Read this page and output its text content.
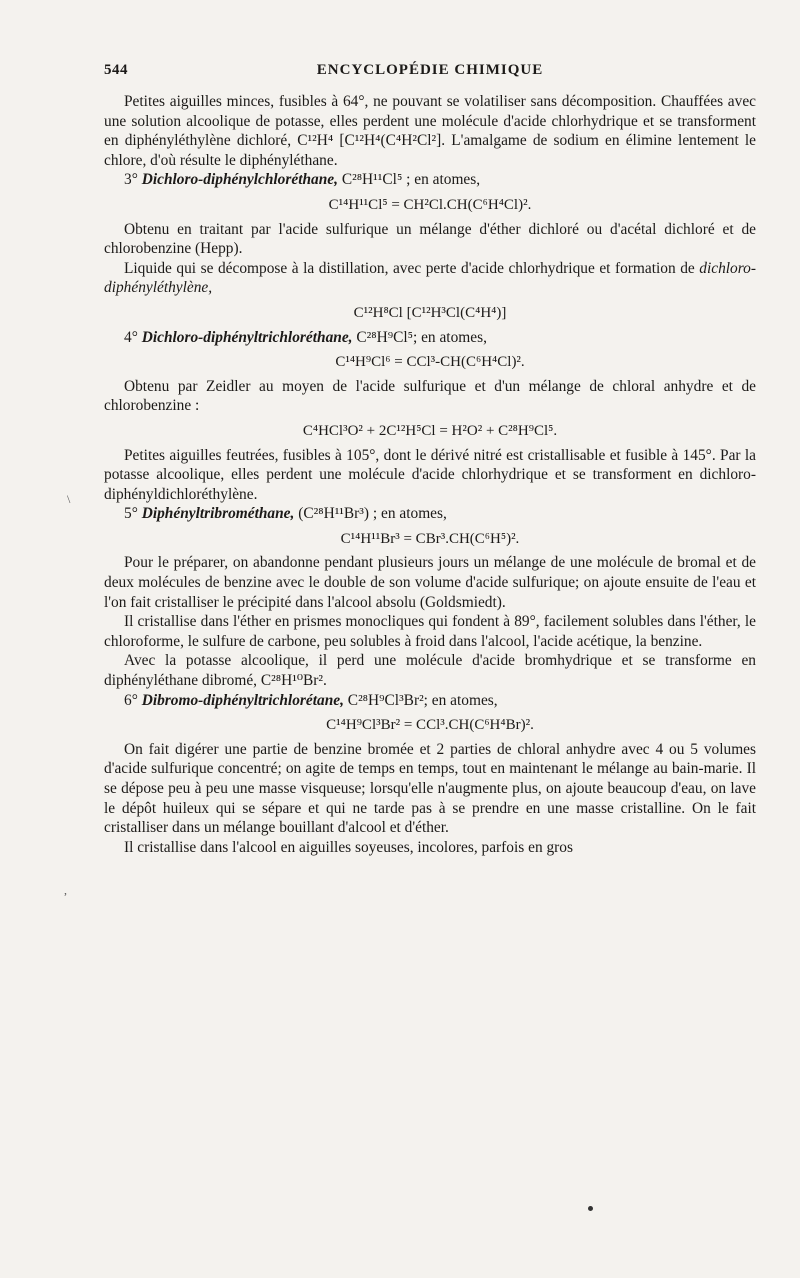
544	ENCYCLOPÉDIE CHIMIQUE
\
,

Petites aiguilles minces, fusibles à 64°, ne pouvant se volatiliser sans décomposition. Chauffées avec une solution alcoolique de potasse, elles perdent une molécule d'acide chlorhydrique et se transforment en diphényléthylène dichloré, C¹²H⁴ [C¹²H⁴(C⁴H²Cl²]. L'amalgame de sodium en élimine lentement le chlore, d'où résulte le diphényléthane.

3° Dichloro-diphénylchloréthane, C²⁸H¹¹Cl⁵ ; en atomes,

C¹⁴H¹¹Cl⁵ = CH²Cl.CH(C⁶H⁴Cl)².

Obtenu en traitant par l'acide sulfurique un mélange d'éther dichloré ou d'acétal dichloré et de chlorobenzine (Hepp).

Liquide qui se décompose à la distillation, avec perte d'acide chlorhydrique et formation de dichloro-diphényléthylène,

C¹²H⁸Cl [C¹²H³Cl(C⁴H⁴)]

4° Dichloro-diphényltrichloréthane, C²⁸H⁹Cl⁵; en atomes,

C¹⁴H⁹Cl⁶ = CCl³-CH(C⁶H⁴Cl)².

Obtenu par Zeidler au moyen de l'acide sulfurique et d'un mélange de chloral anhydre et de chlorobenzine :

C⁴HCl³O² + 2C¹²H⁵Cl = H²O² + C²⁸H⁹Cl⁵.

Petites aiguilles feutrées, fusibles à 105°, dont le dérivé nitré est cristallisable et fusible à 145°. Par la potasse alcoolique, elles perdent une molécule d'acide chlorhydrique et se transforment en dichloro-diphényldichloréthylène.

5° Diphényltribrométhane, (C²⁸H¹¹Br³) ; en atomes,

C¹⁴H¹¹Br³ = CBr³.CH(C⁶H⁵)².

Pour le préparer, on abandonne pendant plusieurs jours un mélange de une molécule de bromal et de deux molécules de benzine avec le double de son volume d'acide sulfurique; on ajoute ensuite de l'eau et l'on fait cristalliser le précipité dans l'alcool absolu (Goldsmiedt).

Il cristallise dans l'éther en prismes monocliques qui fondent à 89°, facilement solubles dans l'éther, le chloroforme, le sulfure de carbone, peu solubles à froid dans l'alcool, l'acide acétique, la benzine.

Avec la potasse alcoolique, il perd une molécule d'acide bromhydrique et se transforme en diphényléthane dibromé, C²⁸H¹⁰Br².

6° Dibromo-diphényltrichlorétane, C²⁸H⁹Cl³Br²; en atomes,

C¹⁴H⁹Cl³Br² = CCl³.CH(C⁶H⁴Br)².

On fait digérer une partie de benzine bromée et 2 parties de chloral anhydre avec 4 ou 5 volumes d'acide sulfurique concentré; on agite de temps en temps, tout en maintenant le mélange au bain-marie. Il se dépose peu à peu une masse visqueuse; lorsqu'elle n'augmente plus, on ajoute beaucoup d'eau, on lave le dépôt huileux qui se sépare et qui ne tarde pas à se prendre en une masse cristalline. On le fait cristalliser dans un mélange bouillant d'alcool et d'éther.

Il cristallise dans l'alcool en aiguilles soyeuses, incolores, parfois en gros
